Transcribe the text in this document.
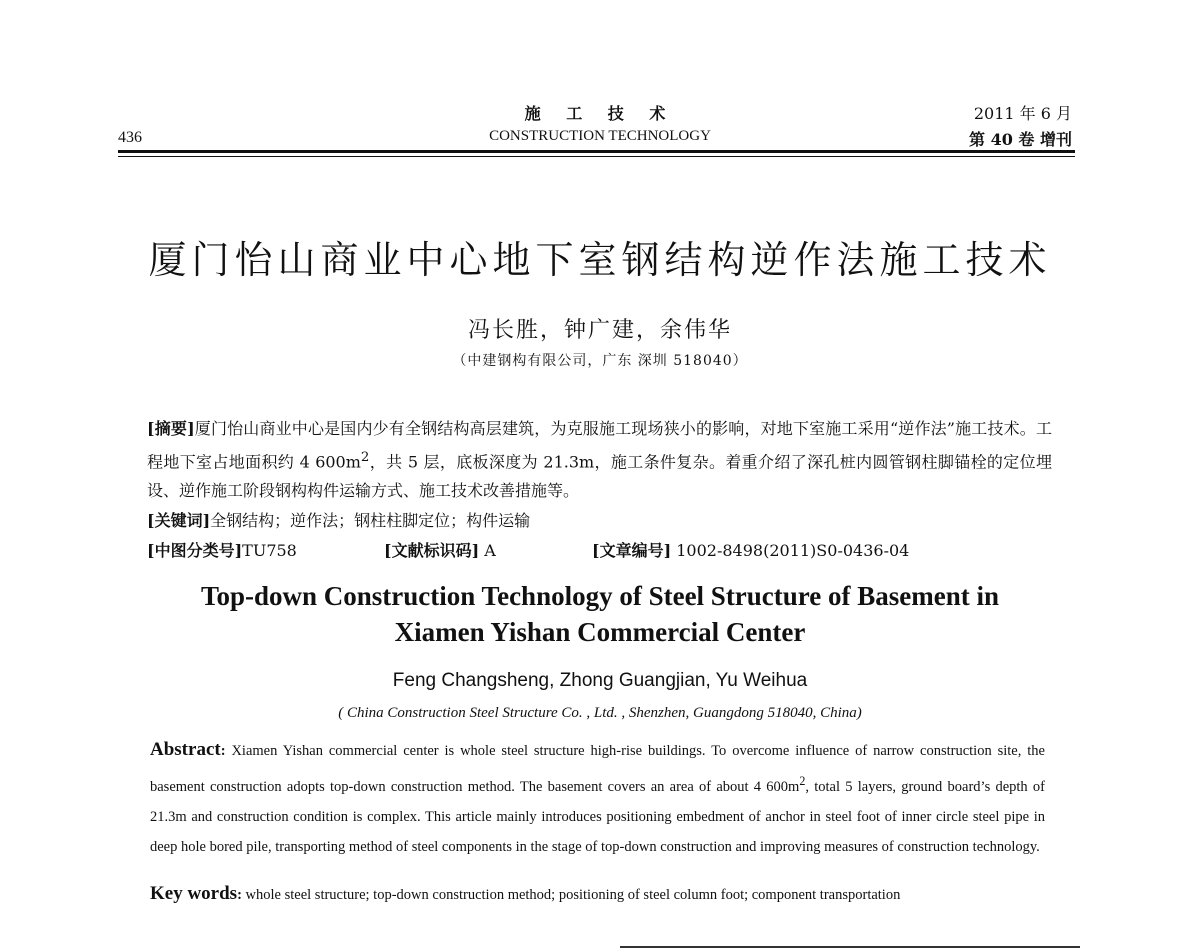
436
施 工 技 术
CONSTRUCTION TECHNOLOGY
2011 年 6 月
第 40 卷 增刊
厦门怡山商业中心地下室钢结构逆作法施工技术
冯长胜，钟广建，余伟华
（中建钢构有限公司，广东 深圳 518040）
[摘要]厦门怡山商业中心是国内少有全钢结构高层建筑，为克服施工现场狭小的影响，对地下室施工采用“逆作法”施工技术。工程地下室占地面积约 4 $600m^2$，共 5 层，底板深度为 21.3m，施工条件复杂。着重介绍了深孔桩内圆管钢柱脚锚栓的定位埋设、逆作施工阶段钢构构件运输方式、施工技术改善措施等。
[关键词]全钢结构；逆作法；钢柱柱脚定位；构件运输
[中图分类号]TU758	[文献标识码] A	[文章编号] 1002-8498(2011)S0-0436-04
Top-down Construction Technology of Steel Structure of Basement in
Xiamen Yishan Commercial Center
Feng Changsheng, Zhong Guangjian, Yu Weihua
( China Construction Steel Structure Co. , Ltd. , Shenzhen, Guangdong 518040, China)
Abstract: Xiamen Yishan commercial center is whole steel structure high-rise buildings. To overcome influence of narrow construction site, the basement construction adopts top-down construction method. The basement covers an area of about 4 $600m^2$, total 5 layers, ground board’s depth of 21.3m and construction condition is complex. This article mainly introduces positioning embedment of anchor in steel foot of inner circle steel pipe in deep hole bored pile, transporting method of steel components in the stage of top-down construction and improving measures of construction technology.
Key words: whole steel structure; top-down construction method; positioning of steel column foot; component transportation
